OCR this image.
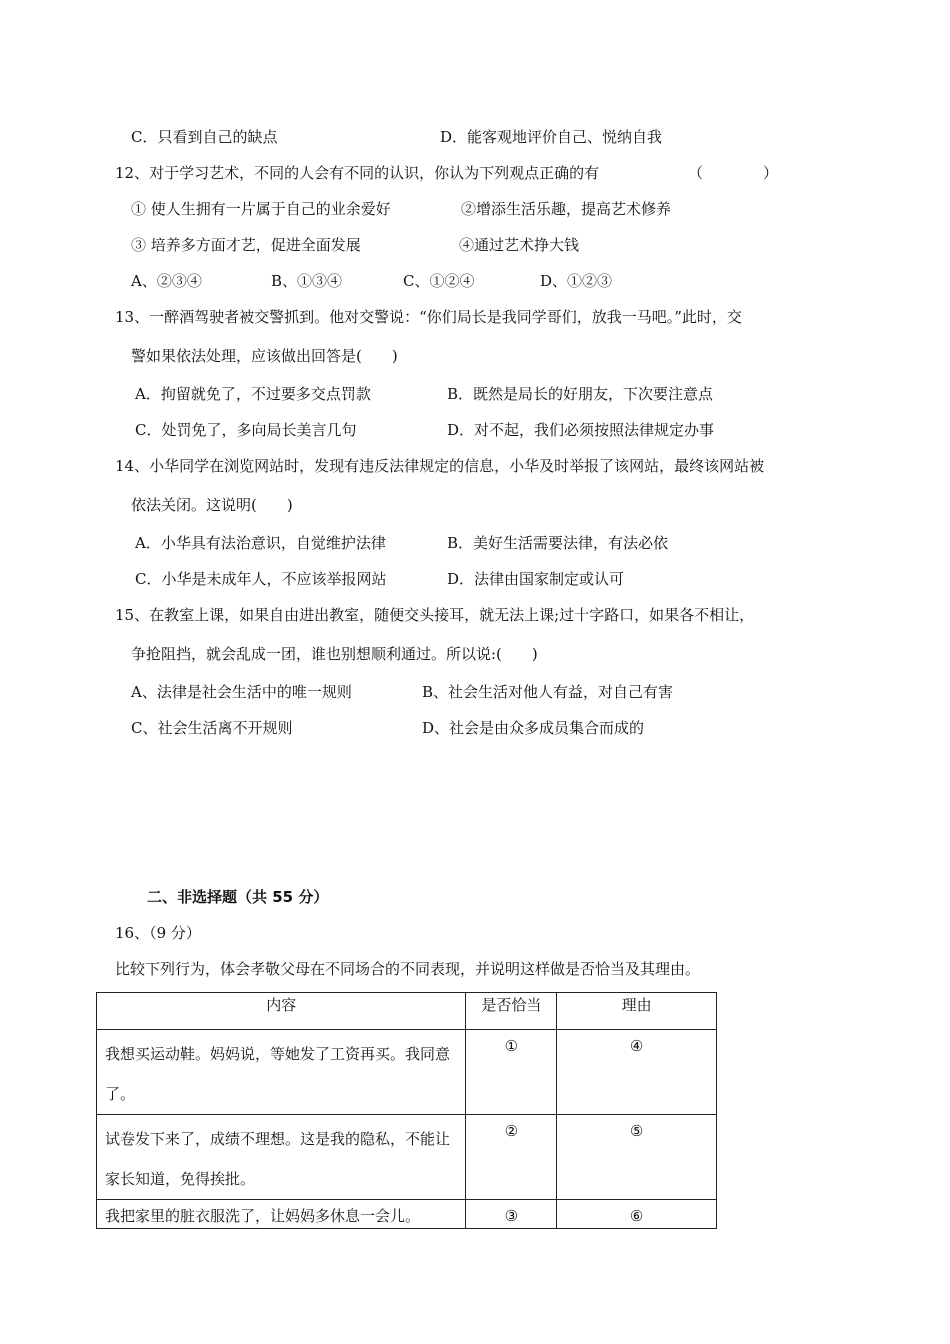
C．只看到自己的缺点	D．能客观地评价自己、悦纳自我
12、对于学习艺术，不同的人会有不同的认识，你认为下列观点正确的有	（　　　　）
① 使人生拥有一片属于自己的业余爱好	②增添生活乐趣，提高艺术修养
③ 培养多方面才艺，促进全面发展	④通过艺术挣大钱
A、②③④	B、①③④	C、①②④	D、①②③
13、一醉酒驾驶者被交警抓到。他对交警说：“你们局长是我同学哥们，放我一马吧。”此时，交
警如果依法处理，应该做出回答是(　　)
A．拘留就免了，不过要多交点罚款	B．既然是局长的好朋友，下次要注意点
C．处罚免了，多向局长美言几句	D．对不起，我们必须按照法律规定办事
14、小华同学在浏览网站时，发现有违反法律规定的信息，小华及时举报了该网站，最终该网站被
依法关闭。这说明(　　)
A．小华具有法治意识，自觉维护法律	B．美好生活需要法律，有法必依
C．小华是未成年人，不应该举报网站	D．法律由国家制定或认可
15、在教室上课，如果自由进出教室，随便交头接耳，就无法上课;过十字路口，如果各不相让，
争抢阻挡，就会乱成一团，谁也别想顺利通过。所以说:(　　)
A、法律是社会生活中的唯一规则	B、社会生活对他人有益，对自己有害
C、社会生活离不开规则	D、社会是由众多成员集合而成的
二、非选择题（共 55 分）
16、（9 分）
比较下列行为，体会孝敬父母在不同场合的不同表现，并说明这样做是否恰当及其理由。
内容	是否恰当	理由
我想买运动鞋。妈妈说，等她发了工资再买。我同意了。	①	④
试卷发下来了，成绩不理想。这是我的隐私，不能让家长知道，免得挨批。	②	⑤
我把家里的脏衣服洗了，让妈妈多休息一会儿。	③	⑥
